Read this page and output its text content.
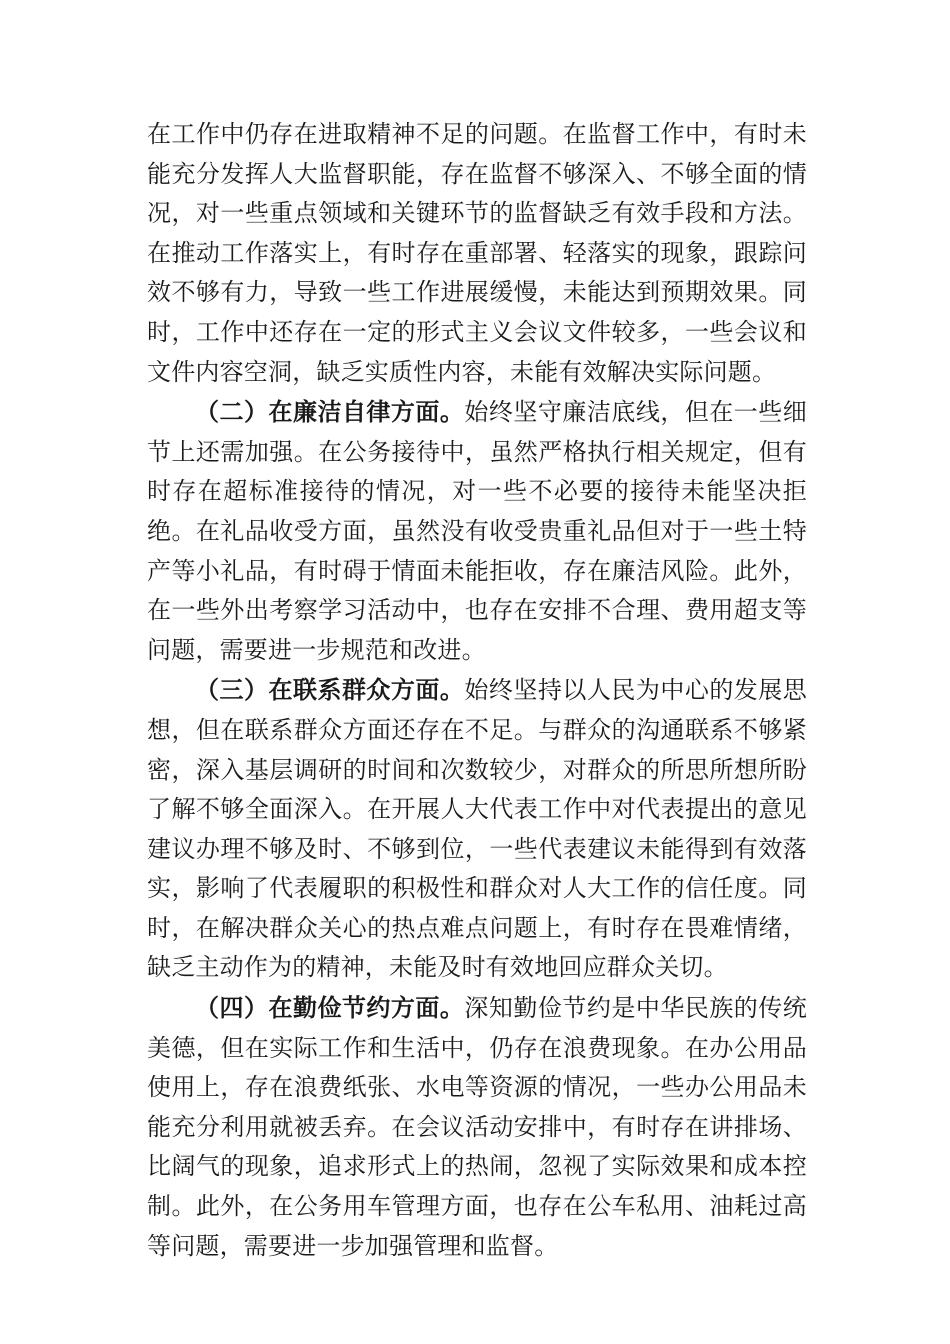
在工作中仍存在进取精神不足的问题。在监督工作中，有时未能充分发挥人大监督职能，存在监督不够深入、不够全面的情况，对一些重点领域和关键环节的监督缺乏有效手段和方法。在推动工作落实上，有时存在重部署、轻落实的现象，跟踪问效不够有力，导致一些工作进展缓慢，未能达到预期效果。同时，工作中还存在一定的形式主义会议文件较多，一些会议和文件内容空洞，缺乏实质性内容，未能有效解决实际问题。

（二）在廉洁自律方面。始终坚守廉洁底线，但在一些细节上还需加强。在公务接待中，虽然严格执行相关规定，但有时存在超标准接待的情况，对一些不必要的接待未能坚决拒绝。在礼品收受方面，虽然没有收受贵重礼品但对于一些土特产等小礼品，有时碍于情面未能拒收，存在廉洁风险。此外，在一些外出考察学习活动中，也存在安排不合理、费用超支等问题，需要进一步规范和改进。

（三）在联系群众方面。始终坚持以人民为中心的发展思想，但在联系群众方面还存在不足。与群众的沟通联系不够紧密，深入基层调研的时间和次数较少，对群众的所思所想所盼了解不够全面深入。在开展人大代表工作中对代表提出的意见建议办理不够及时、不够到位，一些代表建议未能得到有效落实，影响了代表履职的积极性和群众对人大工作的信任度。同时，在解决群众关心的热点难点问题上，有时存在畏难情绪，缺乏主动作为的精神，未能及时有效地回应群众关切。

（四）在勤俭节约方面。深知勤俭节约是中华民族的传统美德，但在实际工作和生活中，仍存在浪费现象。在办公用品使用上，存在浪费纸张、水电等资源的情况，一些办公用品未能充分利用就被丢弃。在会议活动安排中，有时存在讲排场、比阔气的现象，追求形式上的热闹，忽视了实际效果和成本控制。此外，在公务用车管理方面，也存在公车私用、油耗过高等问题，需要进一步加强管理和监督。
